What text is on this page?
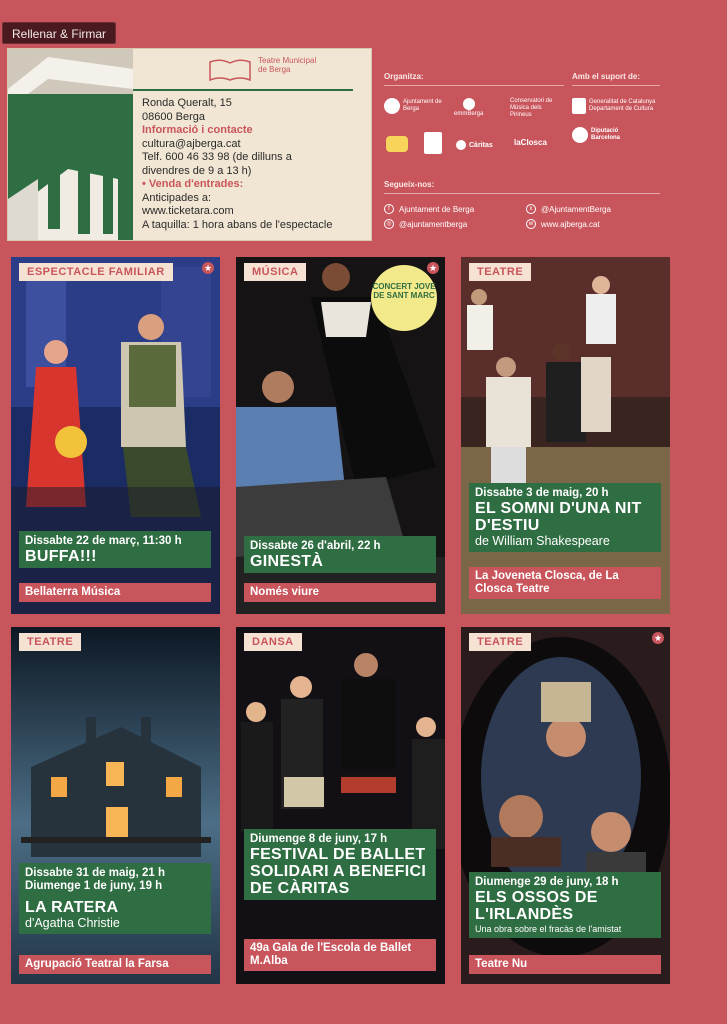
Rellenar & Firmar
Teatre Municipal de Berga
Ronda Queralt, 15
08600 Berga
Informació i contacte
cultura@ajberga.cat
Telf. 600 46 33 98 (de dilluns a
divendres de 9 a 13 h)
• Venda d'entrades:
Anticipades a:
www.ticketara.com
A taquilla: 1 hora abans de l'espectacle
Organitza:	Amb el suport de:
Ajuntament de Berga
emmBerga
Conservatori de Música dels Pirineus
Generalitat de Catalunya Departament de Cultura
Diputació Barcelona
Càritas	laClosca
Segueix-nos:
f	Ajuntament de Berga	x	@AjuntamentBerga
◎ @ajuntamentberga	w www.ajberga.cat
ESPECTACLE FAMILIAR	★
Dissabte 22 de març, 11:30 h
BUFFA!!!
Bellaterra Música
MÚSICA	★
CONCERT JOVE DE SANT MARC
Dissabte 26 d'abril, 22 h
GINESTÀ
Només viure
TEATRE
Dissabte 3 de maig, 20 h
EL SOMNI D'UNA NIT D'ESTIU
de William Shakespeare
La Joveneta Closca, de La Closca Teatre
TEATRE
Dissabte 31 de maig, 21 h
Diumenge 1 de juny, 19 h
LA RATERA
d'Agatha Christie
Agrupació Teatral la Farsa
DANSA
Diumenge 8 de juny, 17 h
FESTIVAL DE BALLET SOLIDARI A BENEFICI DE CÀRITAS
49a Gala de l'Escola de Ballet M.Alba
TEATRE	★
Diumenge 29 de juny, 18 h
ELS OSSOS DE L'IRLANDÈS
Una obra sobre el fracàs de l'amistat
Teatre Nu
